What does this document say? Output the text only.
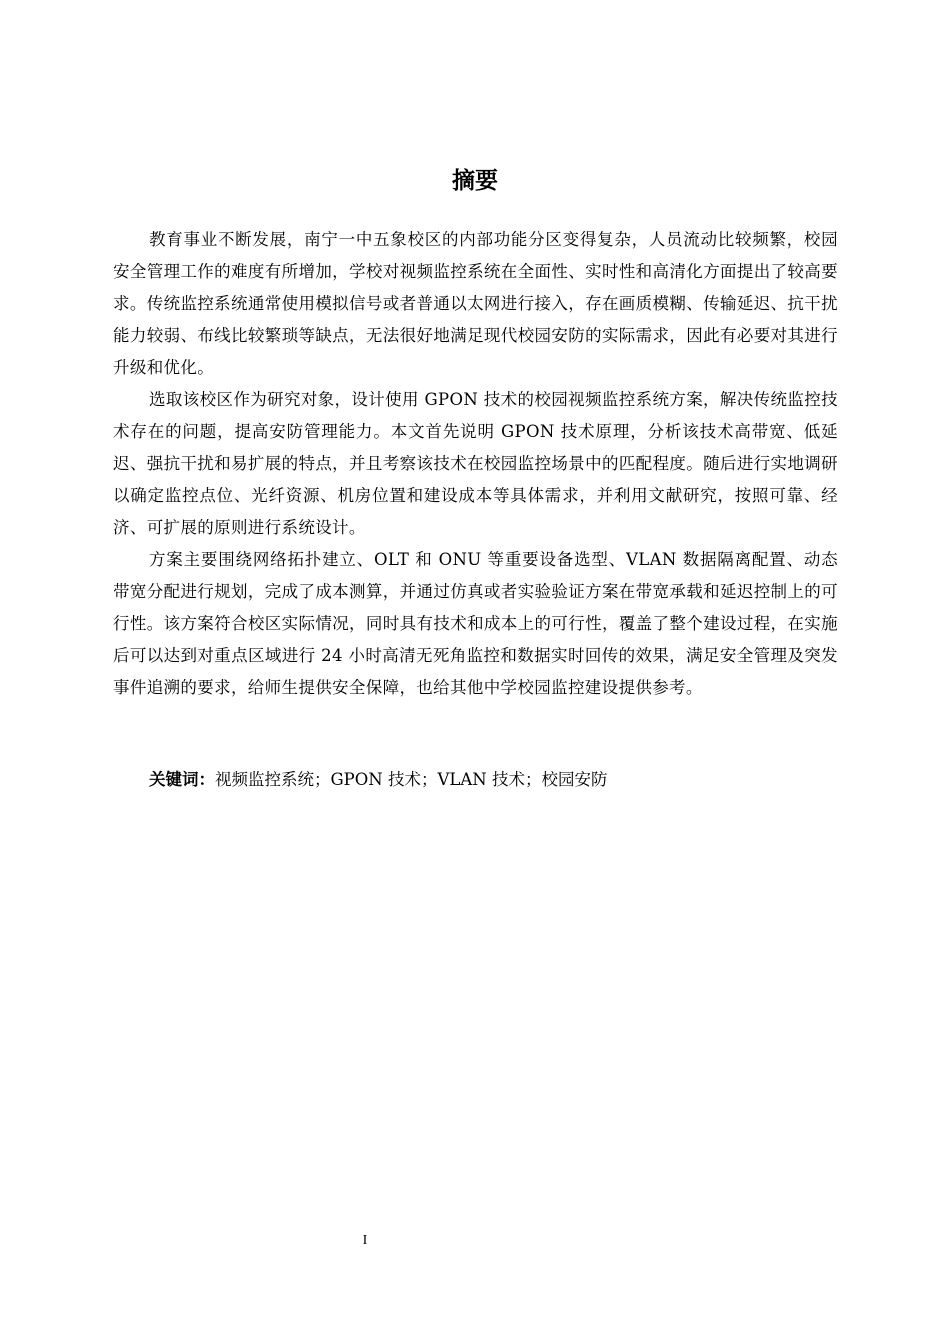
摘要

教育事业不断发展，南宁一中五象校区的内部功能分区变得复杂，人员流动比较频繁，校园安全管理工作的难度有所增加，学校对视频监控系统在全面性、实时性和高清化方面提出了较高要求。传统监控系统通常使用模拟信号或者普通以太网进行接入，存在画质模糊、传输延迟、抗干扰能力较弱、布线比较繁琐等缺点，无法很好地满足现代校园安防的实际需求，因此有必要对其进行升级和优化。

选取该校区作为研究对象，设计使用 GPON 技术的校园视频监控系统方案，解决传统监控技术存在的问题，提高安防管理能力。本文首先说明 GPON 技术原理，分析该技术高带宽、低延迟、强抗干扰和易扩展的特点，并且考察该技术在校园监控场景中的匹配程度。随后进行实地调研以确定监控点位、光纤资源、机房位置和建设成本等具体需求，并利用文献研究，按照可靠、经济、可扩展的原则进行系统设计。

方案主要围绕网络拓扑建立、OLT 和 ONU 等重要设备选型、VLAN 数据隔离配置、动态带宽分配进行规划，完成了成本测算，并通过仿真或者实验验证方案在带宽承载和延迟控制上的可行性。该方案符合校区实际情况，同时具有技术和成本上的可行性，覆盖了整个建设过程，在实施后可以达到对重点区域进行 24 小时高清无死角监控和数据实时回传的效果，满足安全管理及突发事件追溯的要求，给师生提供安全保障，也给其他中学校园监控建设提供参考。

关键词：视频监控系统；GPON 技术；VLAN 技术；校园安防

I
